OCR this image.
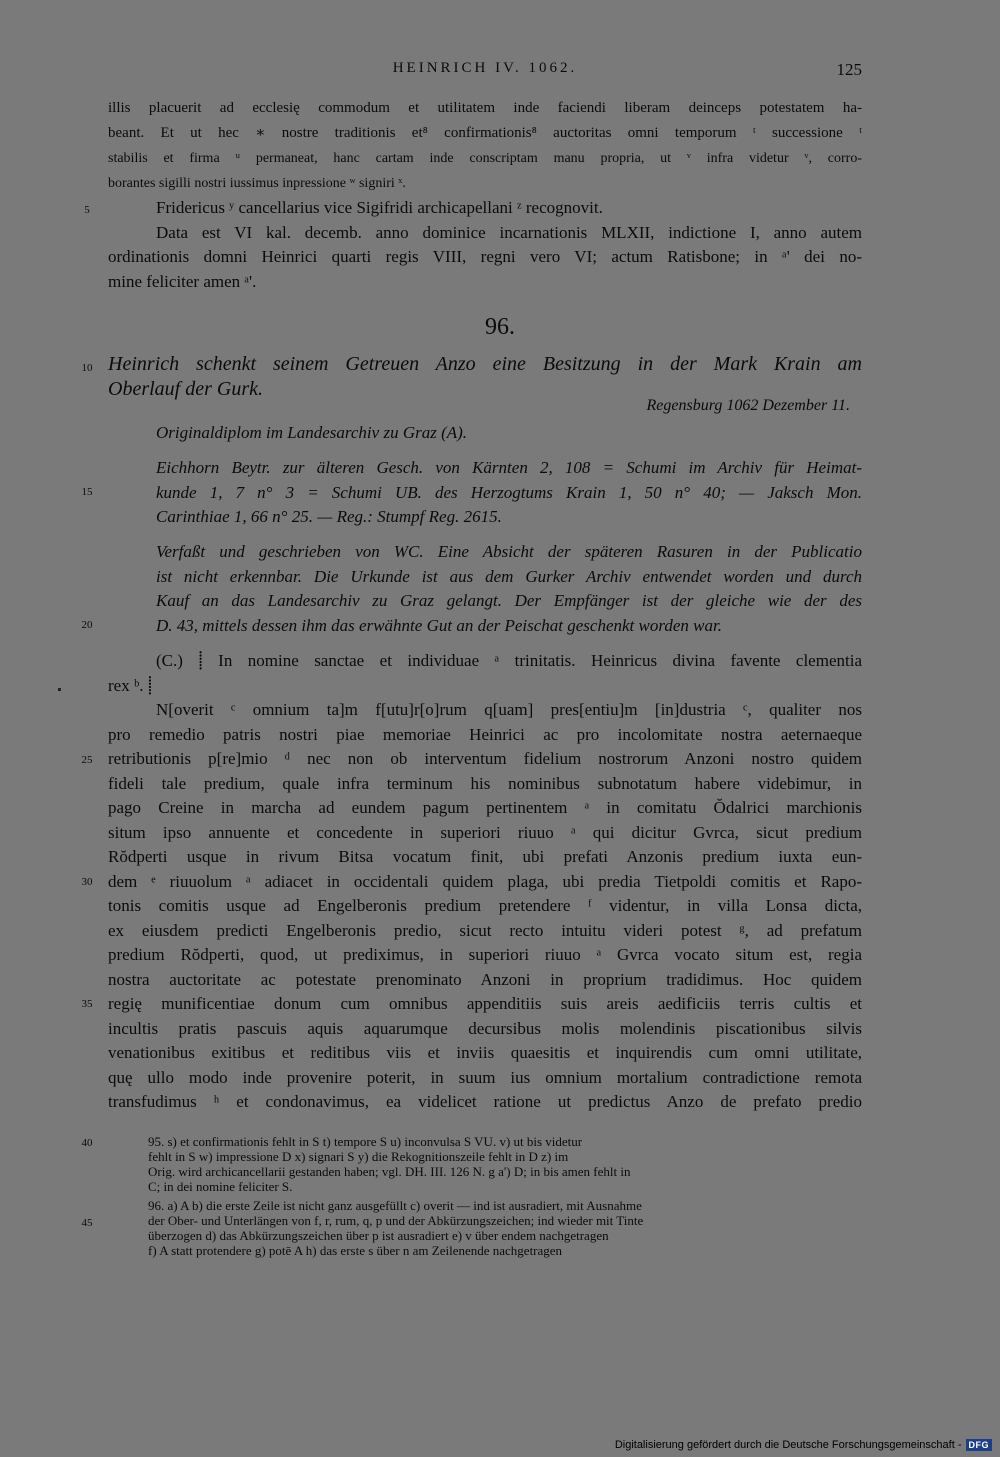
HEINRICH IV. 1062.	125
illis placuerit ad ecclesię commodum et utilitatem inde faciendi liberam deinceps potestatem ha-
beant. Et ut hec ∗ nostre traditionis et⁸ confirmationis⁸ auctoritas omni temporum ᵗ successione ᵗ
stabilis et firma ᵘ permaneat, hanc cartam inde conscriptam manu propria, ut ᵛ infra videtur ᵛ, corro-
borantes sigilli nostri iussimus inpressione ʷ signiri ˣ.
Fridericus ʸ cancellarius vice Sigifridi archicapellani ᶻ recognovit.
Data est VI kal. decemb. anno dominice incarnationis MLXII, indictione I, anno autem
ordinationis domni Heinrici quarti regis VIII, regni vero VI; actum Ratisbone; in ᵃ' dei no-
mine feliciter amen ᵃ'.
96.
Heinrich schenkt seinem Getreuen Anzo eine Besitzung in der Mark Krain am
Oberlauf der Gurk.
Regensburg 1062 Dezember 11.
Originaldiplom im Landesarchiv zu Graz (A).
Eichhorn Beytr. zur älteren Gesch. von Kärnten 2, 108 = Schumi im Archiv für Heimat-
kunde 1, 7 n° 3 = Schumi UB. des Herzogtums Krain 1, 50 n° 40; — Jaksch Mon.
Carinthiae 1, 66 n° 25. — Reg.: Stumpf Reg. 2615.
Verfaßt und geschrieben von WC. Eine Absicht der späteren Rasuren in der Publicatio
ist nicht erkennbar. Die Urkunde ist aus dem Gurker Archiv entwendet worden und durch
Kauf an das Landesarchiv zu Graz gelangt. Der Empfänger ist der gleiche wie der des
D. 43, mittels dessen ihm das erwähnte Gut an der Peischat geschenkt worden war.
(C.) ⸽ In nomine sanctae et individuae ᵃ trinitatis. Heinricus divina favente clementia
rex ᵇ. ⸽
N[overit ᶜ omnium ta]m f[utu]r[o]rum q[uam] pres[entiu]m [in]dustria ᶜ, qualiter nos
pro remedio patris nostri piae memoriae Heinrici ac pro incolomitate nostra aeternaeque
retributionis p[re]mio ᵈ nec non ob interventum fidelium nostrorum Anzoni nostro quidem
fideli tale predium, quale infra terminum his nominibus subnotatum habere videbimur, in
pago Creine in marcha ad eundem pagum pertinentem ᵃ in comitatu Ŏdalrici marchionis
situm ipso annuente et concedente in superiori riuuo ᵃ qui dicitur Gvrca, sicut predium
Rŏdperti usque in rivum Bitsa vocatum finit, ubi prefati Anzonis predium iuxta eun-
dem ᵉ riuuolum ᵃ adiacet in occidentali quidem plaga, ubi predia Tietpoldi comitis et Rapo-
tonis comitis usque ad Engelberonis predium pretendere ᶠ videntur, in villa Lonsa dicta,
ex eiusdem predicti Engelberonis predio, sicut recto intuitu videri potest ᵍ, ad prefatum
predium Rŏdperti, quod, ut prediximus, in superiori riuuo ᵃ Gvrca vocato situm est, regia
nostra auctoritate ac potestate prenominato Anzoni in proprium tradidimus. Hoc quidem
regię munificentiae donum cum omnibus appenditiis suis areis aedificiis terris cultis et
incultis pratis pascuis aquis aquarumque decursibus molis molendinis piscationibus silvis
venationibus exitibus et reditibus viis et inviis quaesitis et inquirendis cum omni utilitate,
quę ullo modo inde provenire poterit, in suum ius omnium mortalium contradictione remota
transfudimus ʰ et condonavimus, ea videlicet ratione ut predictus Anzo de prefato predio
5
10
15
20
25
30
35
40
45
95. s) et confirmationis fehlt in S t) tempore S u) inconvulsa S VU. v) ut bis videtur
fehlt in S w) impressione D x) signari S y) die Rekognitionszeile fehlt in D z) im
Orig. wird archicancellarii gestanden haben; vgl. DH. III. 126 N. g a') D; in bis amen fehlt in
C; in dei nomine feliciter S.
96. a) A b) die erste Zeile ist nicht ganz ausgefüllt c) overit — ind ist ausradiert, mit Ausnahme
der Ober- und Unterlängen von f, r, rum, q, p und der Abkürzungszeichen; ind wieder mit Tinte
überzogen d) das Abkürzungszeichen über p ist ausradiert e) v über endem nachgetragen
f) A statt protendere g) potē A h) das erste s über n am Zeilenende nachgetragen
Digitalisierung gefördert durch die Deutsche Forschungsgemeinschaft - DFG
